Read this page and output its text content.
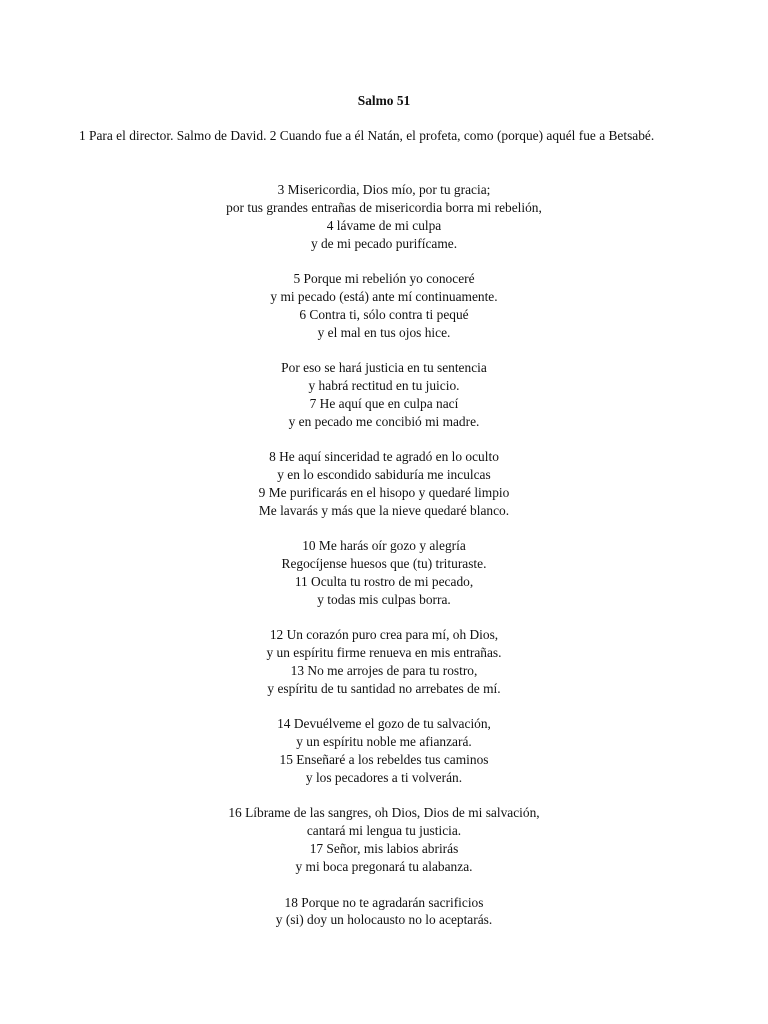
Salmo 51
1 Para el director. Salmo de David. 2 Cuando fue a él Natán, el profeta, como (porque) aquél fue a Betsabé.
3 Misericordia, Dios mío, por tu gracia;
por tus grandes entrañas de misericordia borra mi rebelión,
4 lávame de mi culpa
y de mi pecado purifícame.
5 Porque mi rebelión yo conoceré
y mi pecado (está) ante mí continuamente.
6 Contra ti, sólo contra ti pequé
y el mal en tus ojos hice.
Por eso se hará justicia en tu sentencia
y habrá rectitud en tu juicio.
7 He aquí que en culpa nací
y en pecado me concibió mi madre.
8 He aquí sinceridad te agradó en lo oculto
y en lo escondido sabiduría me inculcas
9 Me purificarás en el hisopo y quedaré limpio
Me lavarás y más que la nieve quedaré blanco.
10 Me harás oír gozo y alegría
Regocíjense huesos que (tu) trituraste.
11 Oculta tu rostro de mi pecado,
y todas mis culpas borra.
12 Un corazón puro crea para mí, oh Dios,
y un espíritu firme renueva en mis entrañas.
13 No me arrojes de para tu rostro,
y espíritu de tu santidad no arrebates de mí.
14 Devuélveme el gozo de tu salvación,
y un espíritu noble me afianzará.
15 Enseñaré a los rebeldes tus caminos
y los pecadores a ti volverán.
16 Líbrame de las sangres, oh Dios, Dios de mi salvación,
cantará mi lengua tu justicia.
17 Señor, mis labios abrirás
y mi boca pregonará tu alabanza.
18 Porque no te agradarán sacrificios
y (si) doy un holocausto no lo aceptarás.
